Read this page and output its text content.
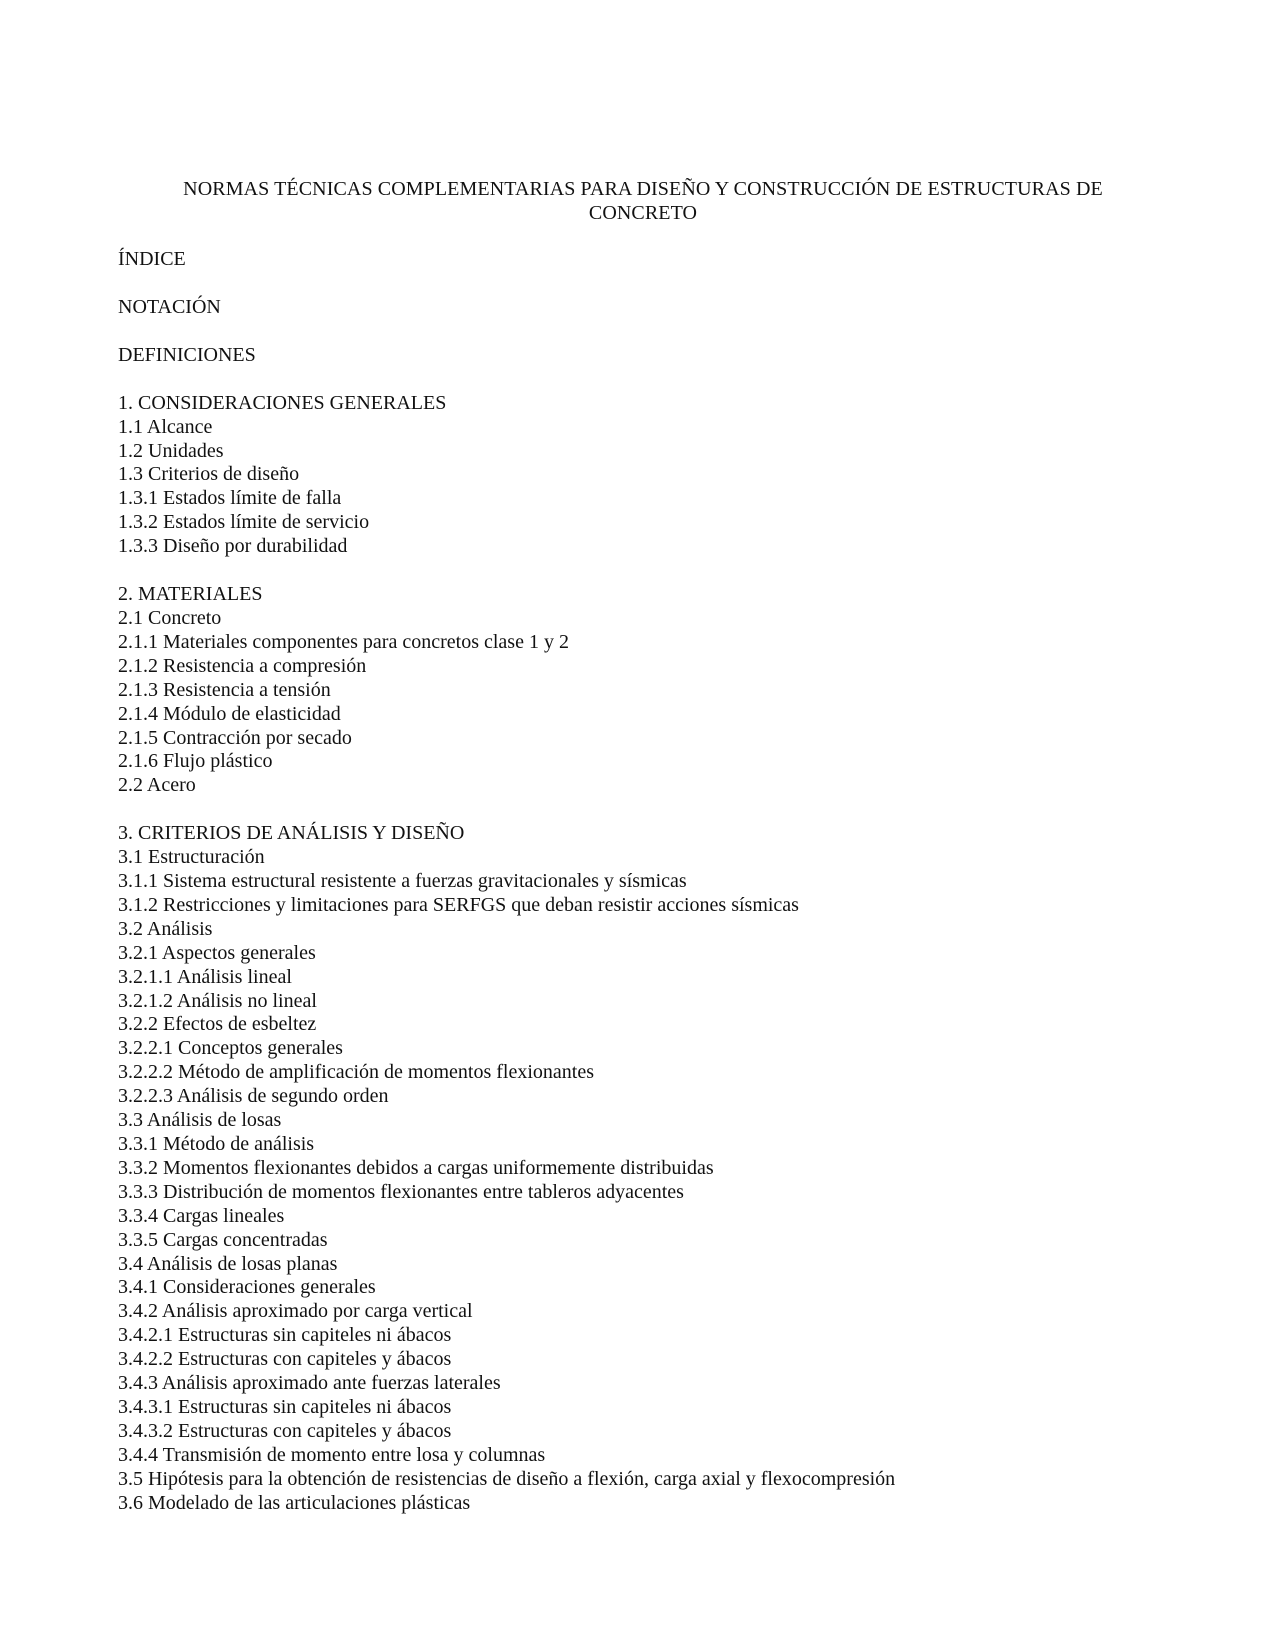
NORMAS TÉCNICAS COMPLEMENTARIAS PARA DISEÑO Y CONSTRUCCIÓN DE ESTRUCTURAS DE
CONCRETO

ÍNDICE

NOTACIÓN

DEFINICIONES

1. CONSIDERACIONES GENERALES

1.1 Alcance

1.2 Unidades

1.3 Criterios de diseño

1.3.1 Estados límite de falla

1.3.2 Estados límite de servicio

1.3.3 Diseño por durabilidad

2. MATERIALES

2.1 Concreto

2.1.1 Materiales componentes para concretos clase 1 y 2

2.1.2 Resistencia a compresión

2.1.3 Resistencia a tensión

2.1.4 Módulo de elasticidad

2.1.5 Contracción por secado

2.1.6 Flujo plástico

2.2 Acero

3. CRITERIOS DE ANÁLISIS Y DISEÑO

3.1 Estructuración

3.1.1 Sistema estructural resistente a fuerzas gravitacionales y sísmicas

3.1.2 Restricciones y limitaciones para SERFGS que deban resistir acciones sísmicas

3.2 Análisis

3.2.1 Aspectos generales

3.2.1.1 Análisis lineal

3.2.1.2 Análisis no lineal

3.2.2 Efectos de esbeltez

3.2.2.1 Conceptos generales

3.2.2.2 Método de amplificación de momentos flexionantes

3.2.2.3 Análisis de segundo orden

3.3 Análisis de losas

3.3.1 Método de análisis

3.3.2 Momentos flexionantes debidos a cargas uniformemente distribuidas

3.3.3 Distribución de momentos flexionantes entre tableros adyacentes

3.3.4 Cargas lineales

3.3.5 Cargas concentradas

3.4 Análisis de losas planas

3.4.1 Consideraciones generales

3.4.2 Análisis aproximado por carga vertical

3.4.2.1 Estructuras sin capiteles ni ábacos

3.4.2.2 Estructuras con capiteles y ábacos

3.4.3 Análisis aproximado ante fuerzas laterales

3.4.3.1 Estructuras sin capiteles ni ábacos

3.4.3.2 Estructuras con capiteles y ábacos

3.4.4 Transmisión de momento entre losa y columnas

3.5 Hipótesis para la obtención de resistencias de diseño a flexión, carga axial y flexocompresión

3.6 Modelado de las articulaciones plásticas
